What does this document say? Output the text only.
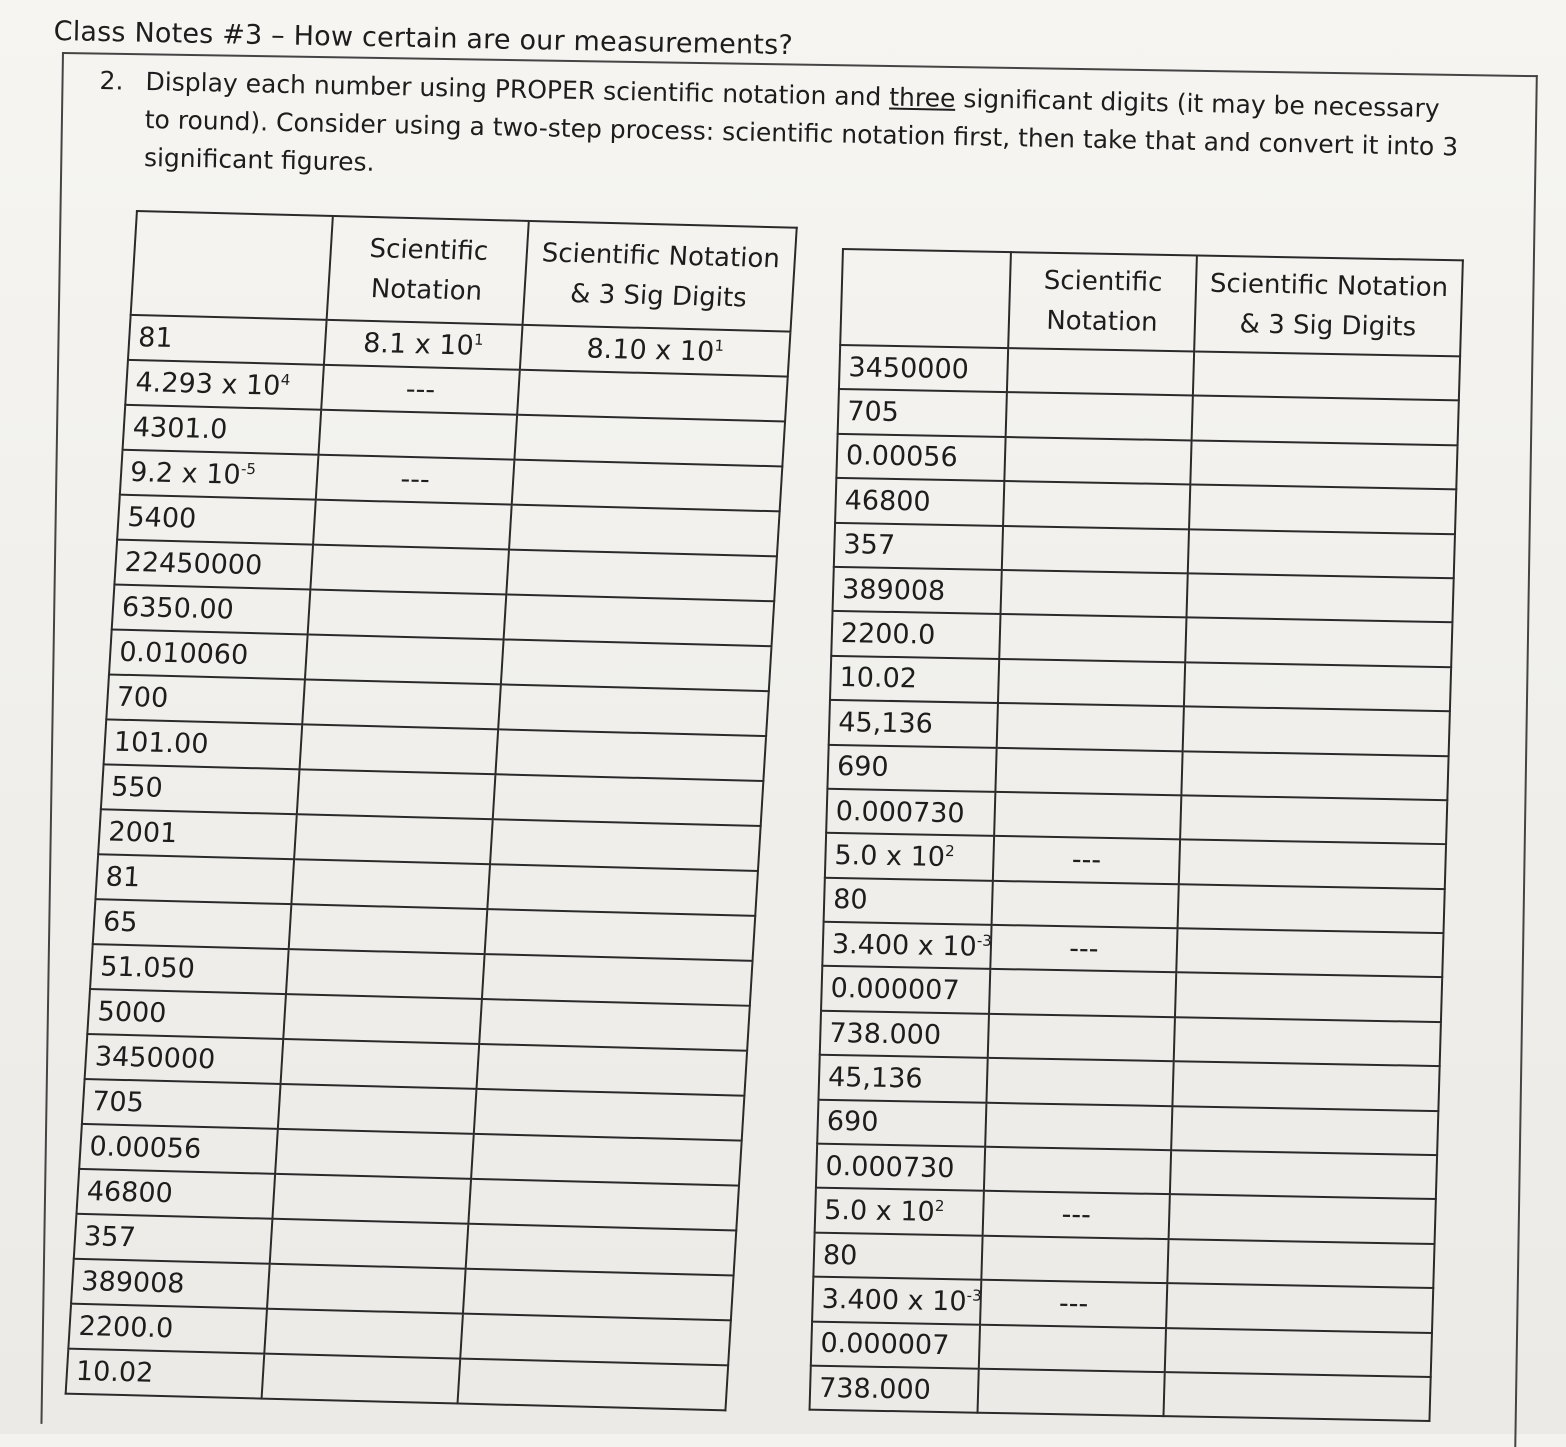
Class Notes #3 – How certain are our measurements?
2. Display each number using PROPER scientific notation and three significant digits (it may be necessary to round). Consider using a two-step process: scientific notation first, then take that and convert it into 3 significant figures.
	Scientific Notation	Scientific Notation & 3 Sig Digits
81	8.1 x $10^1$	8.10 x $10^1$
4.293 x $10^4$	---	
4301.0		
9.2 x $10^{-5}$	---	
5400		
22450000		
6350.00		
0.010060		
700		
101.00		
550		
2001		
81		
65		
51.050		
5000		
3450000		
705		
0.00056		
46800		
357		
389008		
2200.0		
10.02		
	Scientific Notation	Scientific Notation & 3 Sig Digits
3450000		
705		
0.00056		
46800		
357		
389008		
2200.0		
10.02		
45,136		
690		
0.000730		
5.0 x $10^2$	---	
80		
3.400 x $10^{-3}$	---	
0.000007		
738.000		
45,136		
690		
0.000730		
5.0 x $10^2$	---	
80		
3.400 x $10^{-3}$	---	
0.000007		
738.000		
